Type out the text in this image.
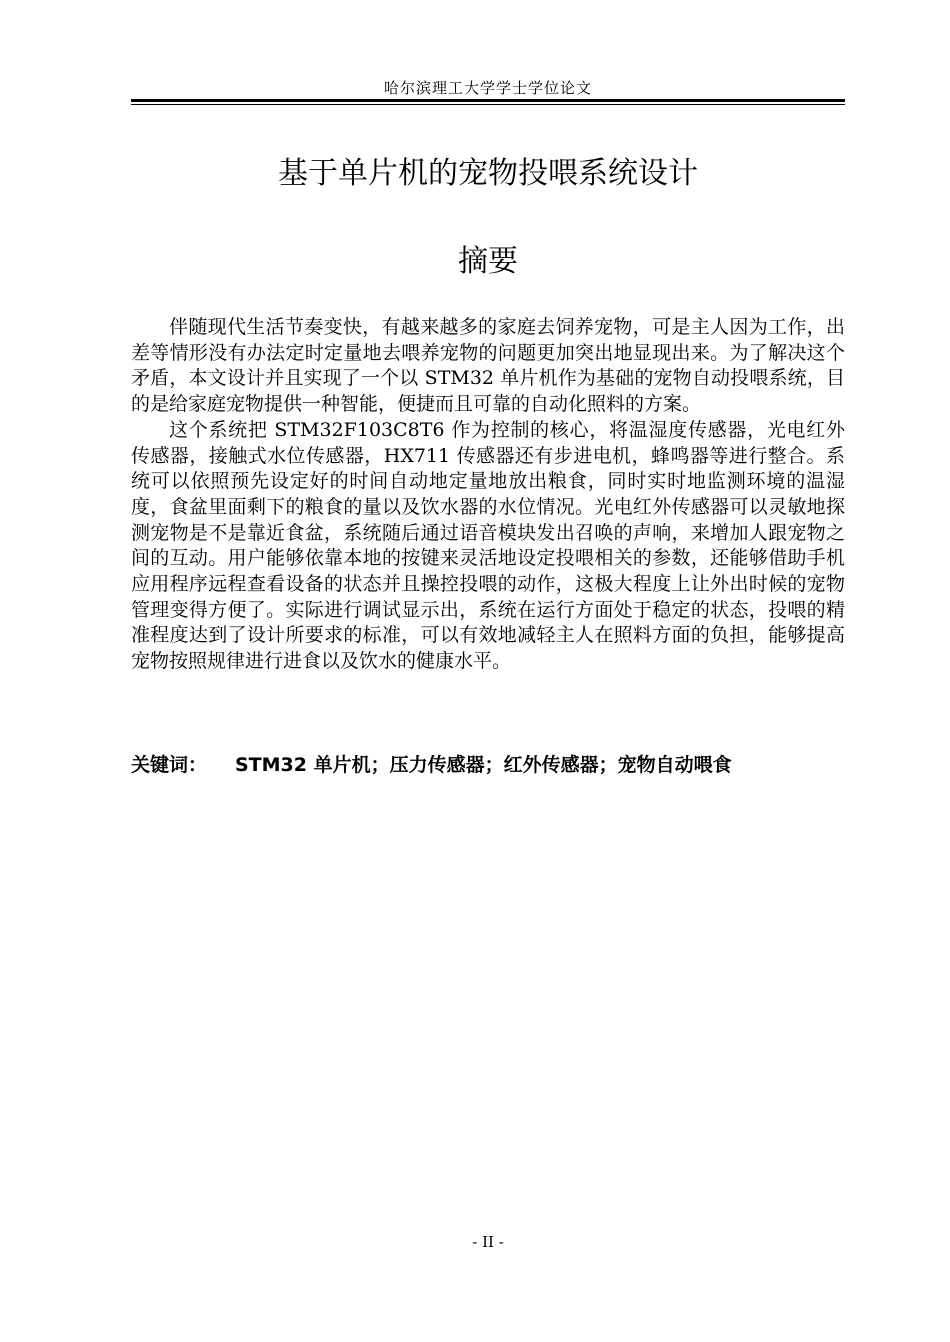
哈尔滨理工大学学士学位论文
基于单片机的宠物投喂系统设计
摘要

伴随现代生活节奏变快，有越来越多的家庭去饲养宠物，可是主人因为工作，出差等情形没有办法定时定量地去喂养宠物的问题更加突出地显现出来。为了解决这个矛盾，本文设计并且实现了一个以 STM32 单片机作为基础的宠物自动投喂系统，目的是给家庭宠物提供一种智能，便捷而且可靠的自动化照料的方案。

这个系统把 STM32F103C8T6 作为控制的核心，将温湿度传感器，光电红外传感器，接触式水位传感器，HX711 传感器还有步进电机，蜂鸣器等进行整合。系统可以依照预先设定好的时间自动地定量地放出粮食，同时实时地监测环境的温湿度，食盆里面剩下的粮食的量以及饮水器的水位情况。光电红外传感器可以灵敏地探测宠物是不是靠近食盆，系统随后通过语音模块发出召唤的声响，来增加人跟宠物之间的互动。用户能够依靠本地的按键来灵活地设定投喂相关的参数，还能够借助手机应用程序远程查看设备的状态并且操控投喂的动作，这极大程度上让外出时候的宠物管理变得方便了。实际进行调试显示出，系统在运行方面处于稳定的状态，投喂的精准程度达到了设计所要求的标准，可以有效地减轻主人在照料方面的负担，能够提高宠物按照规律进行进食以及饮水的健康水平。

关键词： STM32 单片机；压力传感器；红外传感器；宠物自动喂食
- II -
